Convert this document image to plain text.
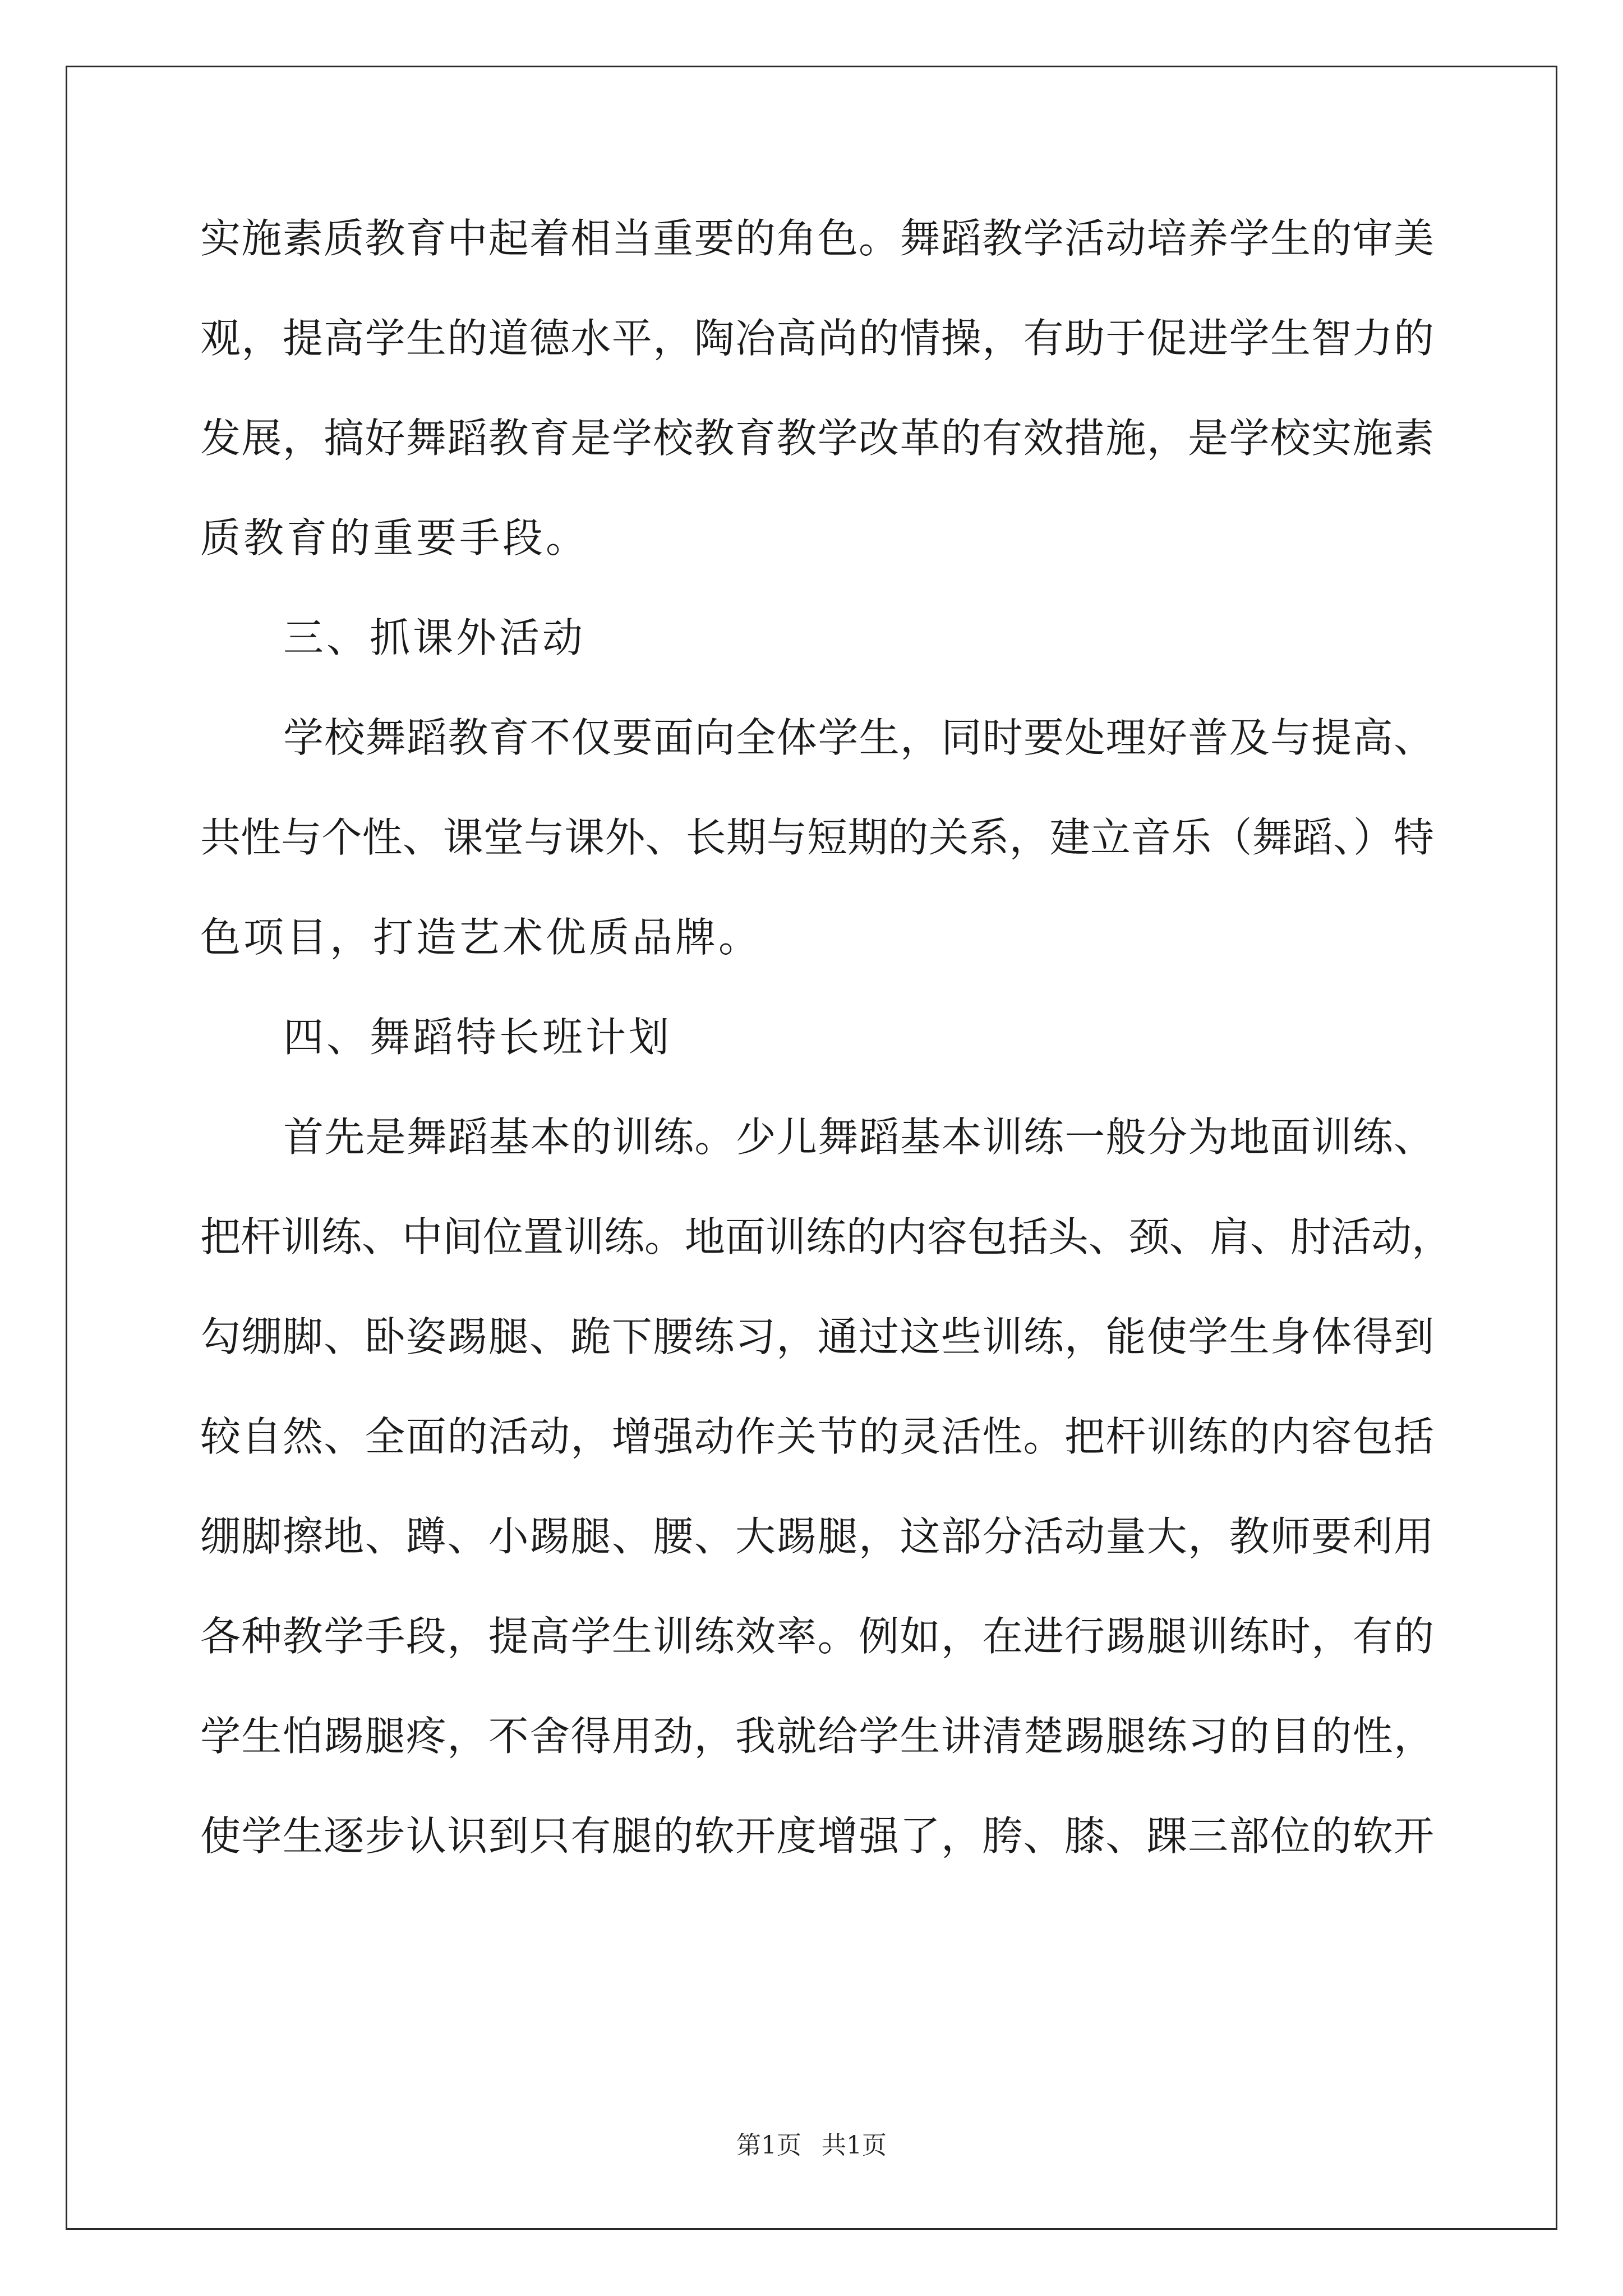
实施素质教育中起着相当重要的角色。舞蹈教学活动培养学生的审美
观，提高学生的道德水平，陶冶高尚的情操，有助于促进学生智力的
发展，搞好舞蹈教育是学校教育教学改革的有效措施，是学校实施素
质教育的重要手段。
三、抓课外活动
学校舞蹈教育不仅要面向全体学生，同时要处理好普及与提高、
共性与个性、课堂与课外、长期与短期的关系，建立音乐（舞蹈、）特
色项目，打造艺术优质品牌。
四、舞蹈特长班计划
首先是舞蹈基本的训练。少儿舞蹈基本训练一般分为地面训练、
把杆训练、中间位置训练。地面训练的内容包括头、颈、肩、肘活动，
勾绷脚、卧姿踢腿、跪下腰练习，通过这些训练，能使学生身体得到
较自然、全面的活动，增强动作关节的灵活性。把杆训练的内容包括
绷脚擦地、蹲、小踢腿、腰、大踢腿，这部分活动量大，教师要利用
各种教学手段，提高学生训练效率。例如，在进行踢腿训练时，有的
学生怕踢腿疼，不舍得用劲，我就给学生讲清楚踢腿练习的目的性，
使学生逐步认识到只有腿的软开度增强了，胯、膝、踝三部位的软开
第1页 共1页
